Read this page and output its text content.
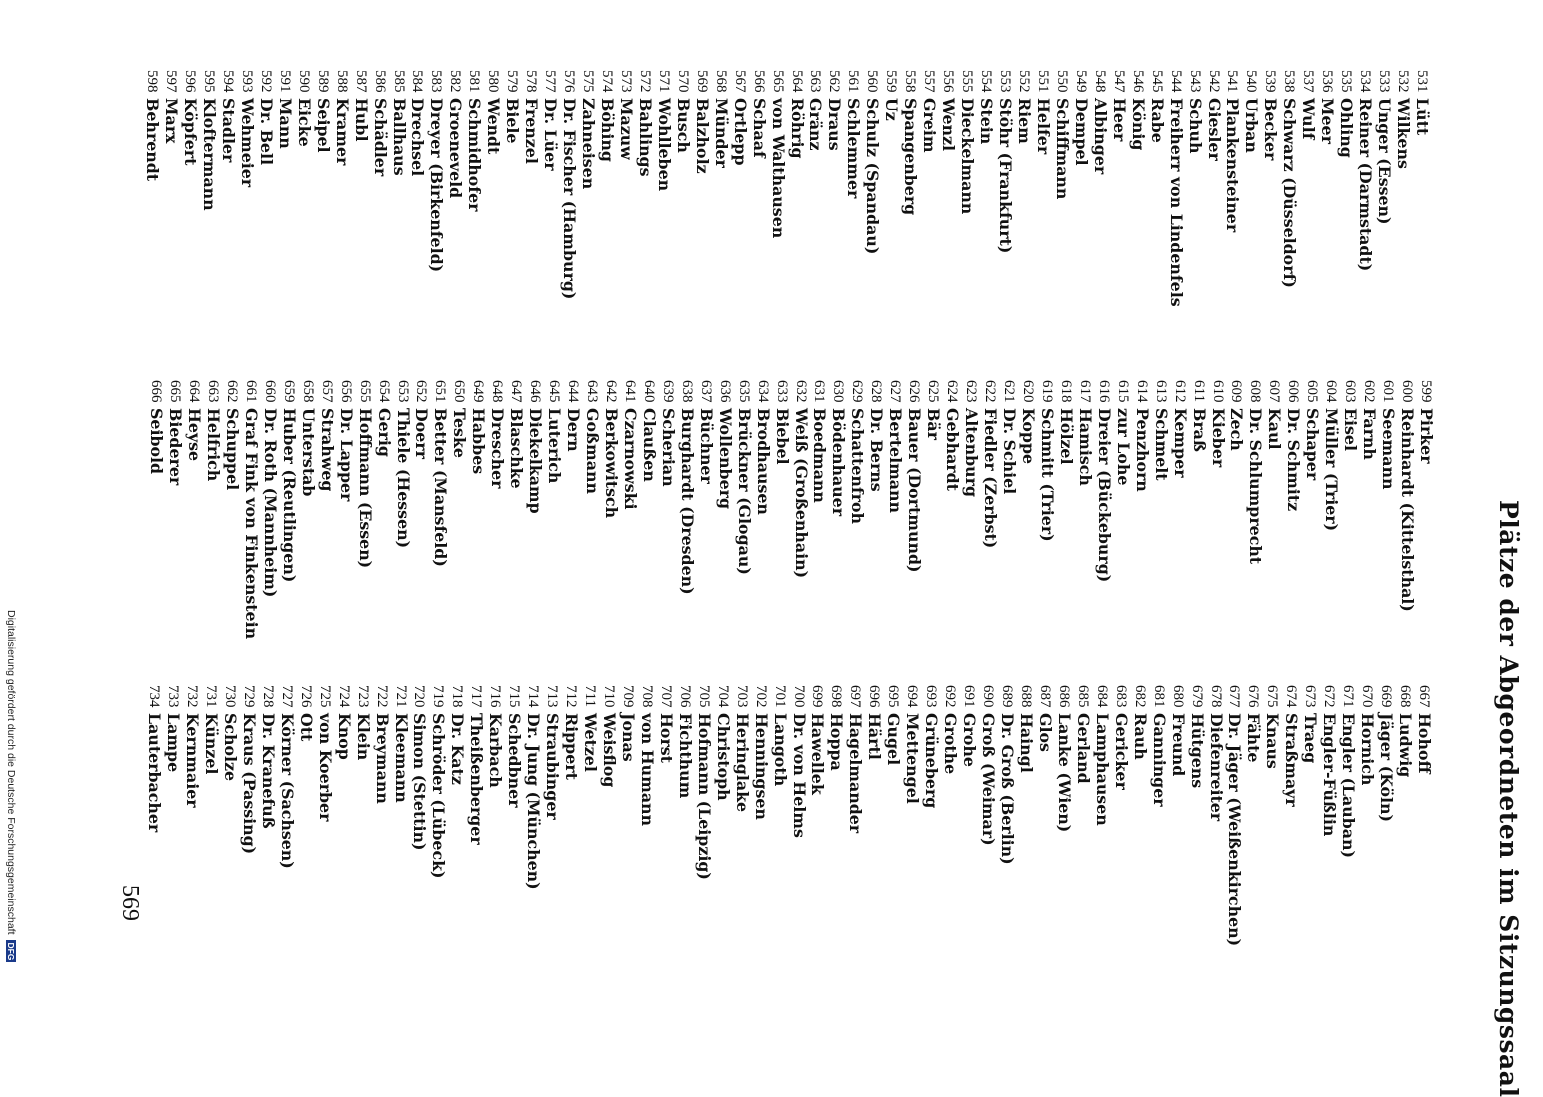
Plätze der Abgeordneten im Sitzungssaal
531
Lütt
532
Wilkens
533
Unger (Essen)
534
Reiner (Darmstadt)
535
Ohling
536
Meer
537
Wulf
538
Schwarz (Düsseldorf)
539
Becker
540
Urban
541
Plankensteiner
542
Giesler
543
Schuh
544
Freiherr von Lindenfels
545
Rabe
546
König
547
Heer
548
Albinger
549
Dempel
550
Schiffmann
551
Helfer
552
Riem
553
Stöhr (Frankfurt)
554
Stein
555
Dieckelmann
556
Wenzl
557
Greim
558
Spangenberg
559
Uz
560
Schulz (Spandau)
561
Schlemmer
562
Draus
563
Gränz
564
Röhrig
565
von Walthausen
566
Schaaf
567
Ortlepp
568
Münder
569
Balzholz
570
Busch
571
Wohlleben
572
Bahlings
573
Mazuw
574
Böhing
575
Zahneisen
576
Dr. Fischer (Hamburg)
577
Dr. Lüer
578
Frenzel
579
Biele
580
Wendt
581
Schmidhofer
582
Groeneveld
583
Dreyer (Birkenfeld)
584
Drechsel
585
Ballhaus
586
Schädler
587
Hubl
588
Kramer
589
Seipel
590
Eicke
591
Mann
592
Dr. Bell
593
Wehmeier
594
Stadler
595
Kloftermann
596
Köpfert
597
Marx
598
Behrendt
599
Pirker
600
Reinhardt (Kittelsthal)
601
Seemann
602
Farnh
603
Eisel
604
Müller (Trier)
605
Schaper
606
Dr. Schmitz
607
Kaul
608
Dr. Schlumprecht
609
Zech
610
Kieber
611
Braß
612
Kemper
613
Schmelt
614
Penzhorn
615
zur Lohe
616
Dreier (Bückeburg)
617
Hamisch
618
Hölzel
619
Schmitt (Trier)
620
Koppe
621
Dr. Schiel
622
Fiedler (Zerbst)
623
Altenburg
624
Gebhardt
625
Bär
626
Bauer (Dortmund)
627
Bertelmann
628
Dr. Berns
629
Schattenfroh
630
Bödenhauer
631
Boedmann
632
Weiß (Großenhain)
633
Biebel
634
Brodhausen
635
Brückner (Glogau)
636
Wollenberg
637
Büchner
638
Burghardt (Dresden)
639
Scherian
640
Claußen
641
Czarnowski
642
Berkowitsch
643
Goßmann
644
Dern
645
Luterich
646
Diekelkamp
647
Blaschke
648
Drescher
649
Habbes
650
Teske
651
Better (Mansfeld)
652
Doerr
653
Thiele (Hessen)
654
Gerig
655
Hoffmann (Essen)
656
Dr. Lapper
657
Strahweg
658
Unterstab
659
Huber (Reutlingen)
660
Dr. Roth (Mannheim)
661
Graf Fink von Finkenstein
662
Schuppel
663
Helfrich
664
Heyse
665
Biederer
666
Seibold
667
Hohoff
668
Ludwig
669
Jäger (Köln)
670
Hornich
671
Engler (Lauban)
672
Engler-Füßlin
673
Traeg
674
Straßmayr
675
Knaus
676
Fähte
677
Dr. Jäger (Weißenkirchen)
678
Diefenreiter
679
Hütgens
680
Freund
681
Ganninger
682
Rauh
683
Gericker
684
Lamphausen
685
Gerland
686
Lanke (Wien)
687
Glos
688
Haingl
689
Dr. Groß (Berlin)
690
Groß (Weimar)
691
Grohe
692
Grothe
693
Grüneberg
694
Mettengel
695
Gugel
696
Härtl
697
Hagelmander
698
Hoppa
699
Hawellek
700
Dr. von Helms
701
Langoth
702
Henningsen
703
Heringlake
704
Christoph
705
Hofmann (Leipzig)
706
Fichthum
707
Horst
708
von Humann
709
Jonas
710
Weisflog
711
Wetzel
712
Rippert
713
Straubinger
714
Dr. Jung (München)
715
Schedbner
716
Karbach
717
Theißenberger
718
Dr. Katz
719
Schröder (Lübeck)
720
Simon (Stettin)
721
Kleemann
722
Breymann
723
Klein
724
Knop
725
von Koerber
726
Ott
727
Körner (Sachsen)
728
Dr. Kranefuß
729
Kraus (Passing)
730
Scholze
731
Künzel
732
Kernmaier
733
Lampe
734
Lauterbacher
569
Digitalisierung gefördert durch die Deutsche Forschungsgemeinschaft DFG
